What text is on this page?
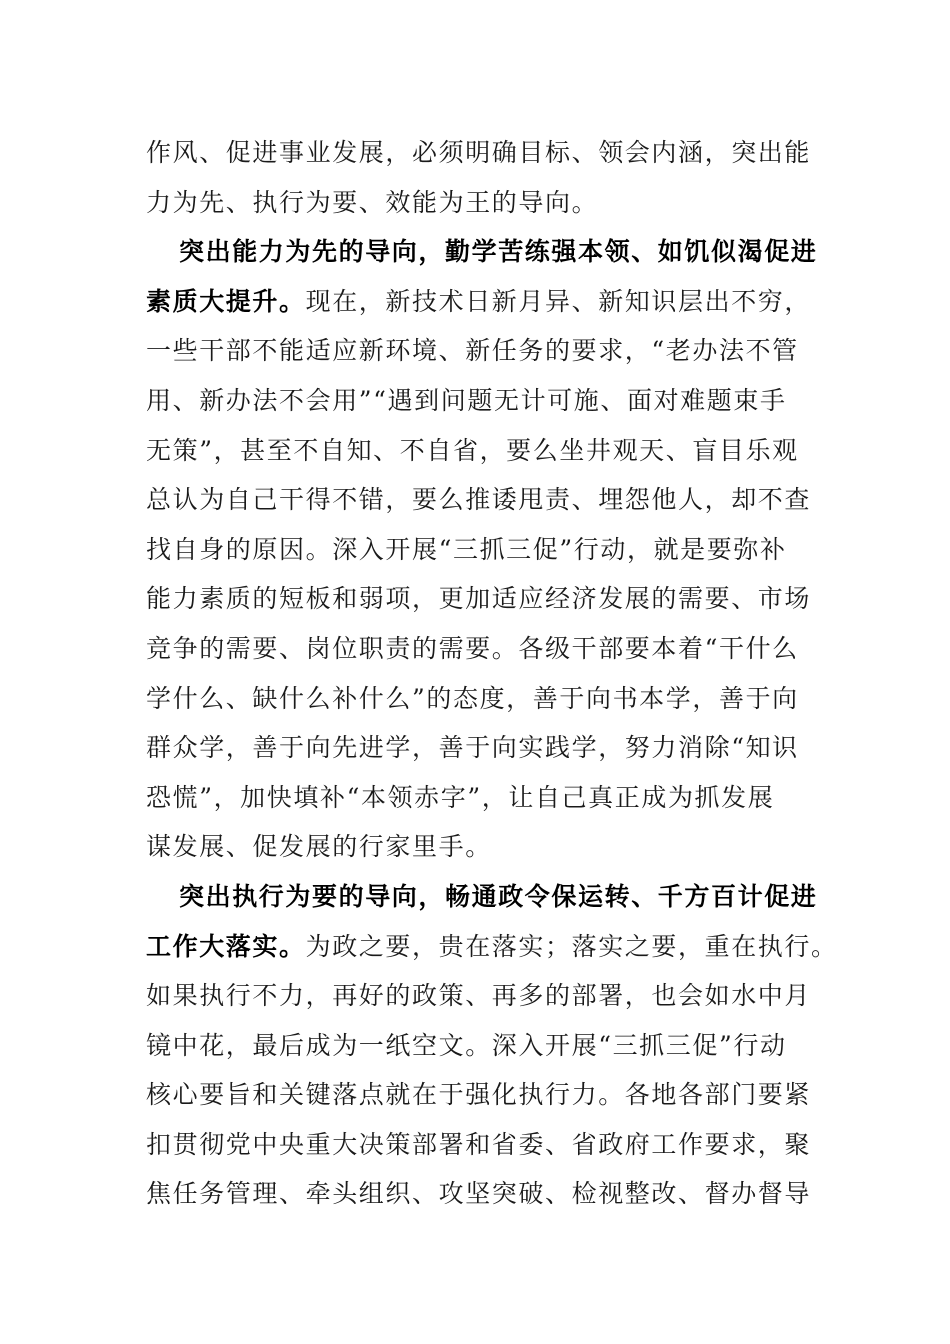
作风、促进事业发展，必须明确目标、领会内涵，突出能
力为先、执行为要、效能为王的导向。
突出能力为先的导向，勤学苦练强本领、如饥似渴促进
素质大提升。现在，新技术日新月异、新知识层出不穷，
一些干部不能适应新环境、新任务的要求，“老办法不管
用、新办法不会用”“遇到问题无计可施、面对难题束手
无策”，甚至不自知、不自省，要么坐井观天、盲目乐观
总认为自己干得不错，要么推诿甩责、埋怨他人，却不查
找自身的原因。深入开展“三抓三促”行动，就是要弥补
能力素质的短板和弱项，更加适应经济发展的需要、市场
竞争的需要、岗位职责的需要。各级干部要本着“干什么
学什么、缺什么补什么”的态度，善于向书本学，善于向
群众学，善于向先进学，善于向实践学，努力消除“知识
恐慌”，加快填补“本领赤字”，让自己真正成为抓发展
谋发展、促发展的行家里手。
突出执行为要的导向，畅通政令保运转、千方百计促进
工作大落实。为政之要，贵在落实；落实之要，重在执行。
如果执行不力，再好的政策、再多的部署，也会如水中月
镜中花，最后成为一纸空文。深入开展“三抓三促”行动
核心要旨和关键落点就在于强化执行力。各地各部门要紧
扣贯彻党中央重大决策部署和省委、省政府工作要求，聚
焦任务管理、牵头组织、攻坚突破、检视整改、督办督导
